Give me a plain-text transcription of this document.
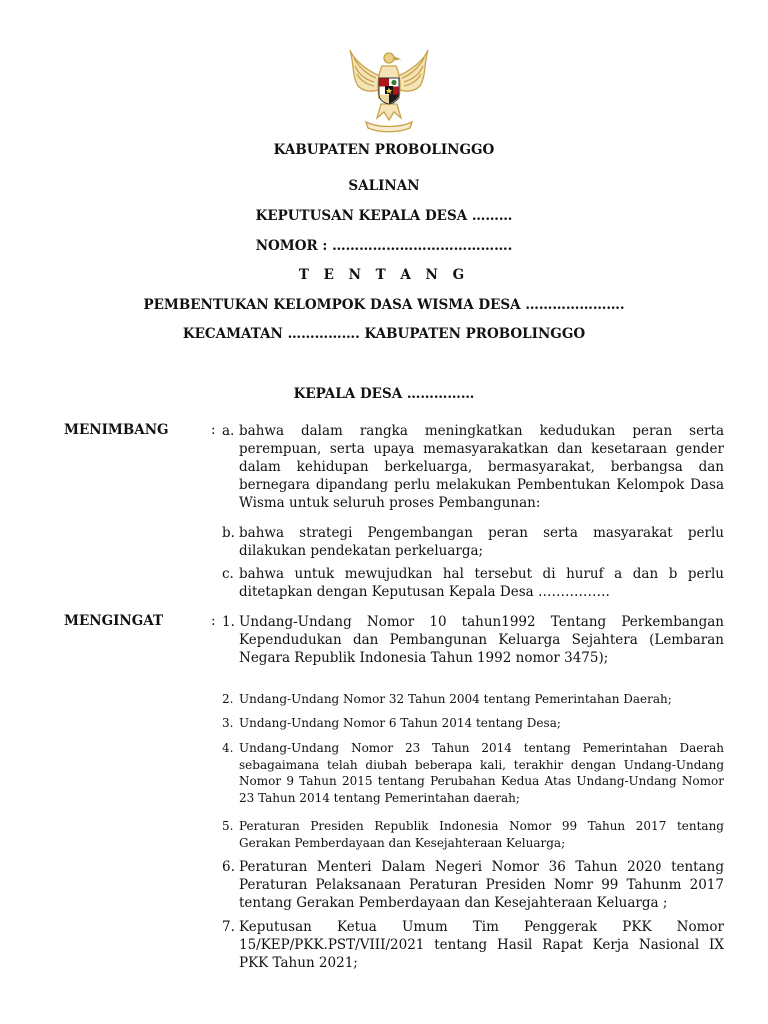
KABUPATEN PROBOLINGGO
SALINAN
KEPUTUSAN KEPALA DESA ………
NOMOR : ………………………………….
T E N T A N G
PEMBENTUKAN KELOMPOK DASA WISMA DESA ………………….
KECAMATAN ……………. KABUPATEN PROBOLINGGO
KEPALA DESA ……………
MENIMBANG	: a. bahwa dalam rangka meningkatkan kedudukan peran serta perempuan, serta upaya memasyarakatkan dan kesetaraan gender dalam kehidupan berkeluarga, bermasyarakat, berbangsa dan bernegara dipandang perlu melakukan Pembentukan Kelompok Dasa Wisma untuk seluruh proses Pembangunan:
b. bahwa strategi Pengembangan peran serta masyarakat perlu dilakukan pendekatan perkeluarga;
c. bahwa untuk mewujudkan hal tersebut di huruf a dan b perlu ditetapkan dengan Keputusan Kepala Desa …………….
MENGINGAT	: 1. Undang-Undang Nomor 10 tahun1992 Tentang Perkembangan Kependudukan dan Pembangunan Keluarga Sejahtera (Lembaran Negara Republik Indonesia Tahun 1992 nomor 3475);
2. Undang-Undang Nomor 32 Tahun 2004 tentang Pemerintahan Daerah;
3. Undang-Undang Nomor 6 Tahun 2014 tentang Desa;
4. Undang-Undang Nomor 23 Tahun 2014 tentang Pemerintahan Daerah sebagaimana telah diubah beberapa kali, terakhir dengan Undang-Undang Nomor 9 Tahun 2015 tentang Perubahan Kedua Atas Undang-Undang Nomor 23 Tahun 2014 tentang Pemerintahan daerah;
5. Peraturan Presiden Republik Indonesia Nomor 99 Tahun 2017 tentang Gerakan Pemberdayaan dan Kesejahteraan Keluarga;
6. Peraturan Menteri Dalam Negeri Nomor 36 Tahun 2020 tentang Peraturan Pelaksanaan Peraturan Presiden Nomr 99 Tahunm 2017 tentang Gerakan Pemberdayaan dan Kesejahteraan Keluarga ;
7. Keputusan Ketua Umum Tim Penggerak PKK Nomor 15/KEP/PKK.PST/VIII/2021 tentang Hasil Rapat Kerja Nasional IX PKK Tahun 2021;
